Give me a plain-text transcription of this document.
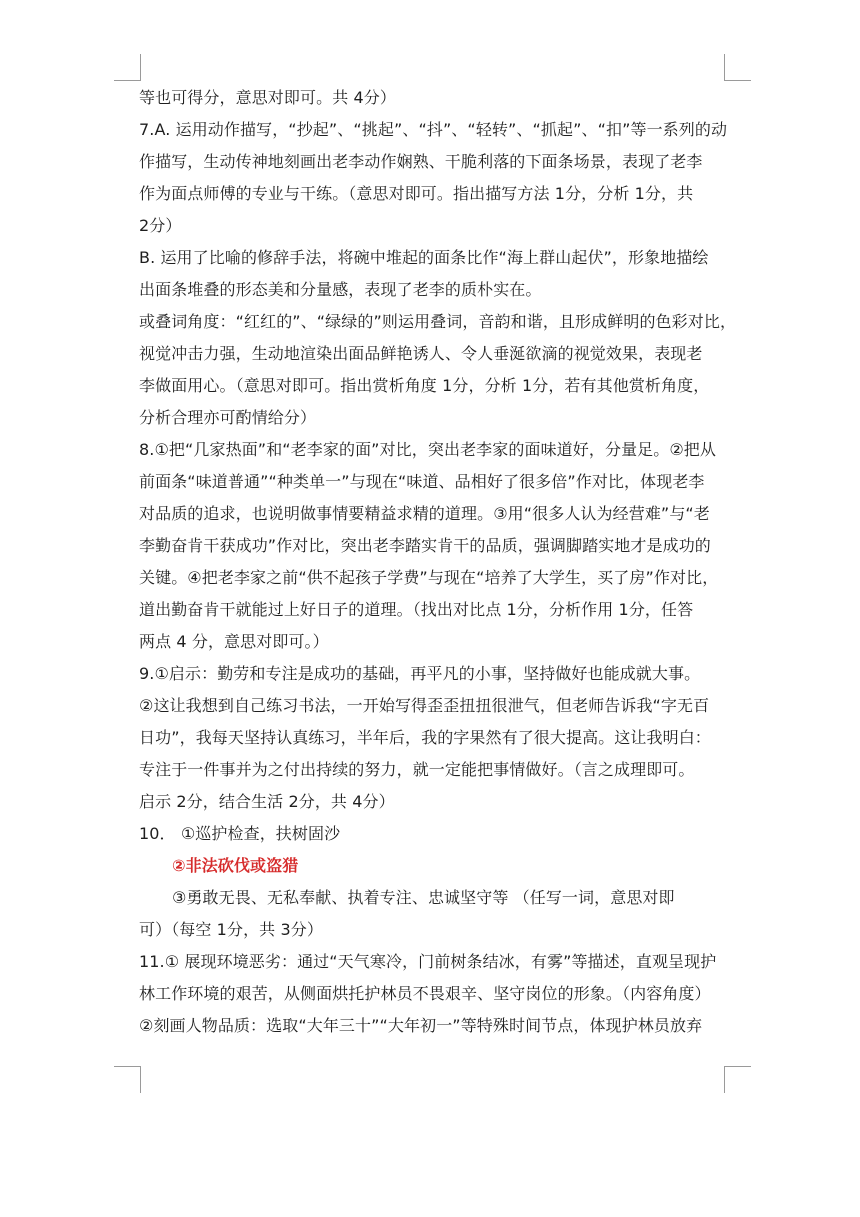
等也可得分，意思对即可。共 4分）
7.A. 运用动作描写，“抄起”、“挑起”、“抖”、“轻转”、“抓起”、“扣”等一系列的动
作描写，生动传神地刻画出老李动作娴熟、干脆利落的下面条场景，表现了老李
作为面点师傅的专业与干练。（意思对即可。指出描写方法 1分，分析 1分，共
2分）
B. 运用了比喻的修辞手法，将碗中堆起的面条比作“海上群山起伏”，形象地描绘
出面条堆叠的形态美和分量感，表现了老李的质朴实在。
或叠词角度：“红红的”、“绿绿的”则运用叠词，音韵和谐，且形成鲜明的色彩对比，
视觉冲击力强，生动地渲染出面品鲜艳诱人、令人垂涎欲滴的视觉效果，表现老
李做面用心。（意思对即可。指出赏析角度 1分，分析 1分，若有其他赏析角度，
分析合理亦可酌情给分）
8.①把“几家热面”和“老李家的面”对比，突出老李家的面味道好，分量足。②把从
前面条“味道普通”“种类单一”与现在“味道、品相好了很多倍”作对比，体现老李
对品质的追求，也说明做事情要精益求精的道理。③用“很多人认为经营难”与“老
李勤奋肯干获成功”作对比，突出老李踏实肯干的品质，强调脚踏实地才是成功的
关键。④把老李家之前“供不起孩子学费”与现在“培养了大学生，买了房”作对比，
道出勤奋肯干就能过上好日子的道理。（找出对比点 1分，分析作用 1分，任答
两点 4 分，意思对即可。）
9.①启示：勤劳和专注是成功的基础，再平凡的小事，坚持做好也能成就大事。
②这让我想到自己练习书法，一开始写得歪歪扭扭很泄气，但老师告诉我“字无百
日功”，我每天坚持认真练习，半年后，我的字果然有了很大提高。这让我明白：
专注于一件事并为之付出持续的努力，就一定能把事情做好。（言之成理即可。
启示 2分，结合生活 2分，共 4分）
10． ①巡护检查，扶树固沙
②非法砍伐或盗猎
③勇敢无畏、无私奉献、执着专注、忠诚坚守等 （任写一词，意思对即
可）（每空 1分，共 3分）
11.① 展现环境恶劣：通过“天气寒冷，门前树条结冰，有雾”等描述，直观呈现护
林工作环境的艰苦，从侧面烘托护林员不畏艰辛、坚守岗位的形象。（内容角度）
②刻画人物品质：选取“大年三十”“大年初一”等特殊时间节点，体现护林员放弃
